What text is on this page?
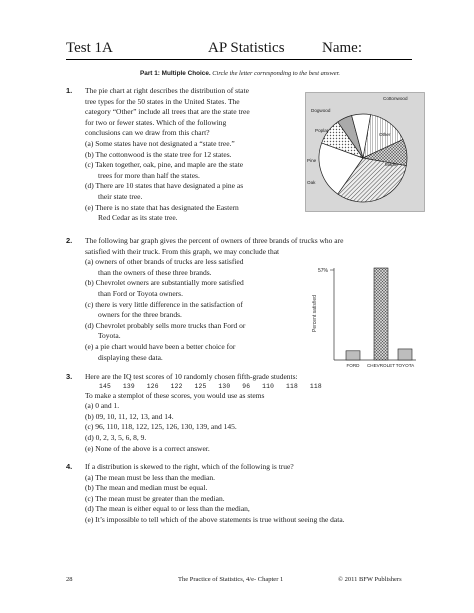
Test 1A	AP Statistics Name:
Part 1: Multiple Choice. Circle the letter corresponding to the best answer.
1. The pie chart at right describes the distribution of state
tree types for the 50 states in the United States. The
category “Other” include all trees that are the state tree
for two or fewer states. Which of the following
conclusions can we draw from this chart?
(a) Some states have not designated a “state tree.”
(b) The cottonwood is the state tree for 12 states.
(c) Taken together, oak, pine, and maple are the state
trees for more than half the states.
(d) There are 10 states that have designated a pine as
their state tree.
(e) There is no state that has designated the Eastern
Red Cedar as its state tree.
Cottonwood
Dogwood
Poplar
Pine
Oak
Maple
Other
2. The following bar graph gives the percent of owners of three brands of trucks who are
satisfied with their truck. From this graph, we may conclude that
(a) owners of other brands of trucks are less satisfied
than the owners of these three brands.
(b) Chevrolet owners are substantially more satisfied
than Ford or Toyota owners.
(c) there is very little difference in the satisfaction of
owners for the three brands.
(d) Chevrolet probably sells more trucks than Ford or
Toyota.
(e) a pie chart would have been a better choice for
displaying these data.
57%
Percent satisfied
FORD CHEVROLET TOYOTA
3. Here are the IQ test scores of 10 randomly chosen fifth-grade students:
145   139   126   122   125   130   96   110   118   118
To make a stemplot of these scores, you would use as stems
(a) 0 and 1.
(b) 09, 10, 11, 12, 13, and 14.
(c) 96, 110, 118, 122, 125, 126, 130, 139, and 145.
(d) 0, 2, 3, 5, 6, 8, 9.
(e) None of the above is a correct answer.
4. If a distribution is skewed to the right, which of the following is true?
(a) The mean must be less than the median.
(b) The mean and median must be equal.
(c) The mean must be greater than the median.
(d) The mean is either equal to or less than the median,
(e) It’s impossible to tell which of the above statements is true without seeing the data.
28	The Practice of Statistics, 4/e- Chapter 1	© 2011 BFW Publishers
